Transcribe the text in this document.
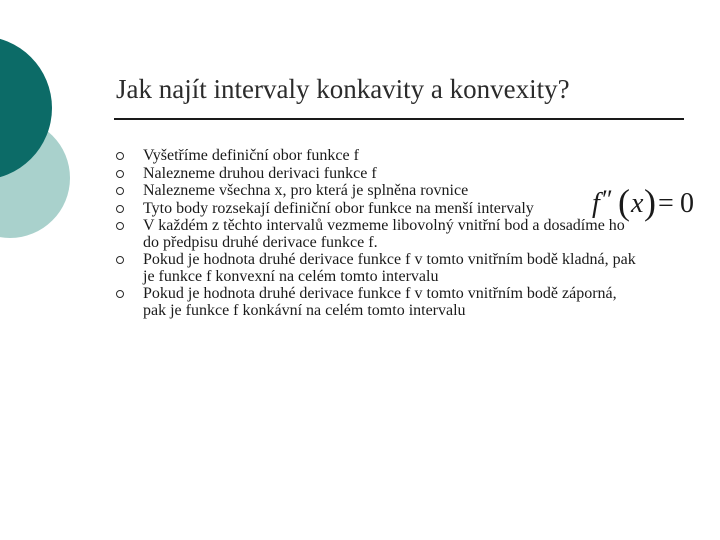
Jak najít intervaly konkavity a konvexity?
Vyšetříme definiční obor funkce f
Nalezneme druhou derivaci funkce f
Nalezneme všechna x, pro která je splněna rovnice
Tyto body rozsekají definiční obor funkce na menší intervaly
V každém z těchto intervalů vezmeme libovolný vnitřní bod a dosadíme ho do předpisu druhé derivace funkce f.
Pokud je hodnota druhé derivace funkce f v tomto vnitřním bodě kladná, pak je funkce f konvexní na celém tomto intervalu
Pokud je hodnota druhé derivace funkce f v tomto vnitřním bodě záporná, pak je funkce f konkávní na celém tomto intervalu
f ″ ( x ) = 0
